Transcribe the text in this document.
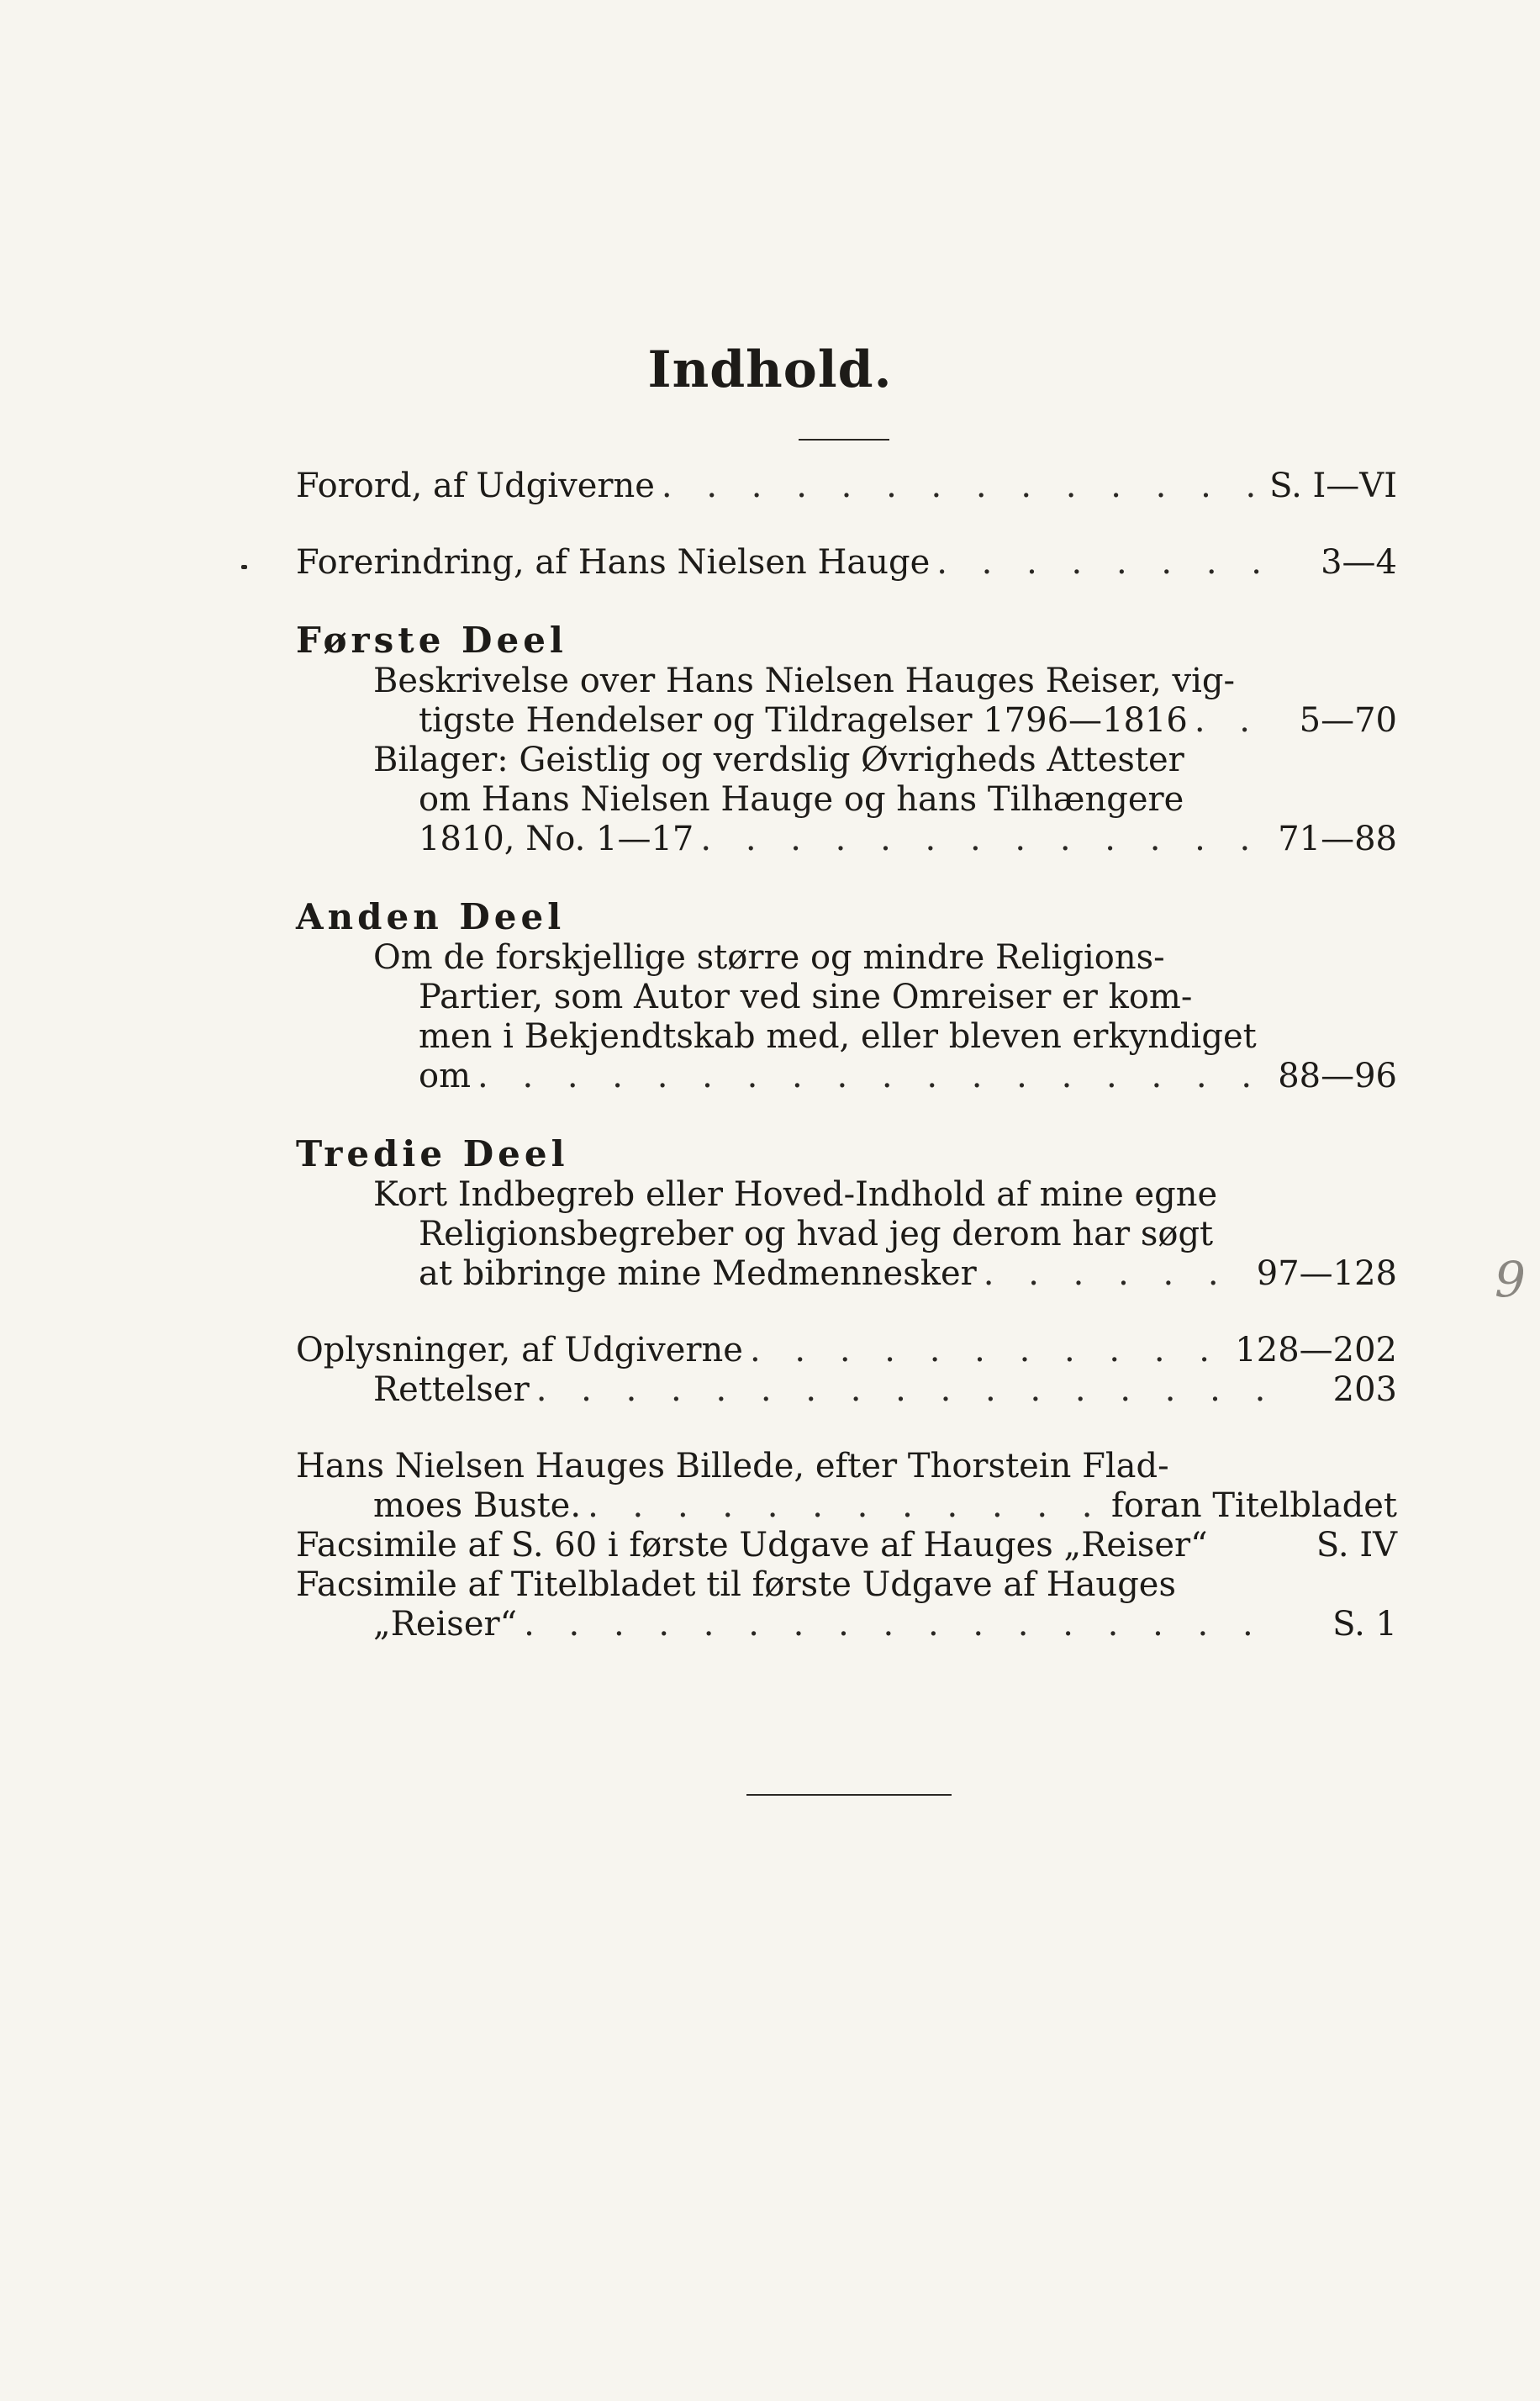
Indhold.
Forord, af Udgiverne . . .	S. I—VI
Forerindring, af Hans Nielsen Hauge . . .	3—4
Første Deel
Beskrivelse over Hans Nielsen Hauges Reiser, vig-
tigste Hendelser og Tildragelser 1796—1816 . . .	5—70
Bilager: Geistlig og verdslig Øvrigheds Attester
om Hans Nielsen Hauge og hans Tilhængere
1810, No. 1—17 . . .	71—88
Anden Deel
Om de forskjellige større og mindre Religions-
Partier, som Autor ved sine Omreiser er kom-
men i Bekjendtskab med, eller bleven erkyndiget
om . . .	88—96
Tredie Deel
Kort Indbegreb eller Hoved-Indhold af mine egne
Religionsbegreber og hvad jeg derom har søgt
at bibringe mine Medmennesker . . .	97—128
Oplysninger, af Udgiverne . . .	128—202
Rettelser . . .	203
Hans Nielsen Hauges Billede, efter Thorstein Flad-
moes Buste. . . .	foran Titelbladet
Facsimile af S. 60 i første Udgave af Hauges „Reiser“	S. IV
Facsimile af Titelbladet til første Udgave af Hauges
„Reiser“ . . .	S. 1
9
